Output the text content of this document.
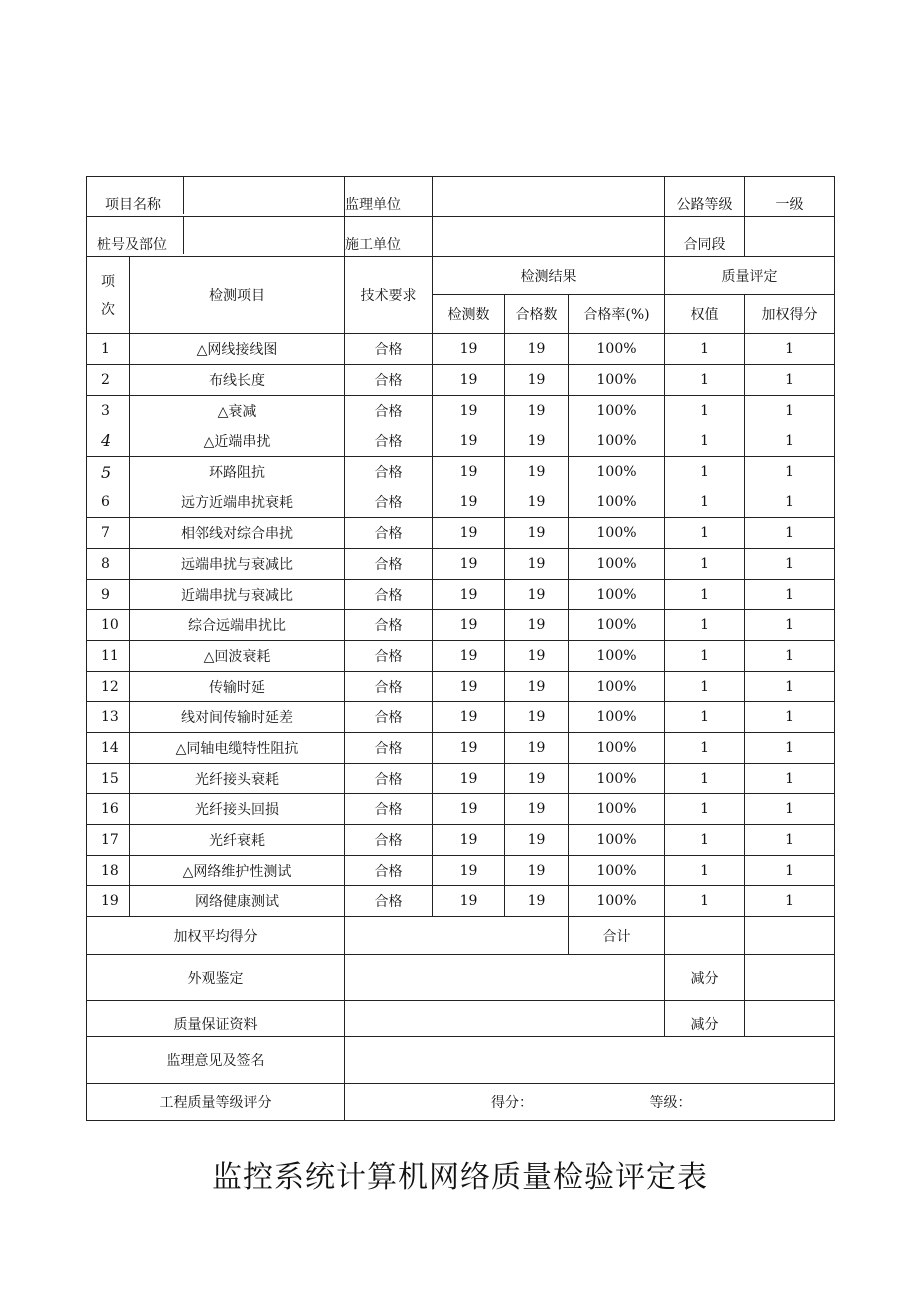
项目名称		监理单位				公路等级	一级
桩号及部位		施工单位				合同段	

项
次	检测项目	技术要求	检测结果			质量评定	
			检测数	合格数	合格率(%)	权值	加权得分
1	△网线接线图	合格	19	19	100%	1	1
2	布线长度	合格	19	19	100%	1	1
3	△衰减	合格	19	19	100%	1	1
4	△近端串扰	合格	19	19	100%	1	1
5	环路阻抗	合格	19	19	100%	1	1
6	远方近端串扰衰耗	合格	19	19	100%	1	1
7	相邻线对综合串扰	合格	19	19	100%	1	1
8	远端串扰与衰减比	合格	19	19	100%	1	1
9	近端串扰与衰减比	合格	19	19	100%	1	1
10	综合远端串扰比	合格	19	19	100%	1	1
11	△回波衰耗	合格	19	19	100%	1	1
12	传输时延	合格	19	19	100%	1	1
13	线对间传输时延差	合格	19	19	100%	1	1
14	△同轴电缆特性阻抗	合格	19	19	100%	1	1
15	光纤接头衰耗	合格	19	19	100%	1	1
16	光纤接头回损	合格	19	19	100%	1	1
17	光纤衰耗	合格	19	19	100%	1	1
18	△网络维护性测试	合格	19	19	100%	1	1
19	网络健康测试	合格	19	19	100%	1	1
加权平均得分					合计		
外观鉴定						减分	
质量保证资料						减分	
监理意见及签名							
工程质量等级评分		得分： 等级：					
监控系统计算机网络质量检验评定表
